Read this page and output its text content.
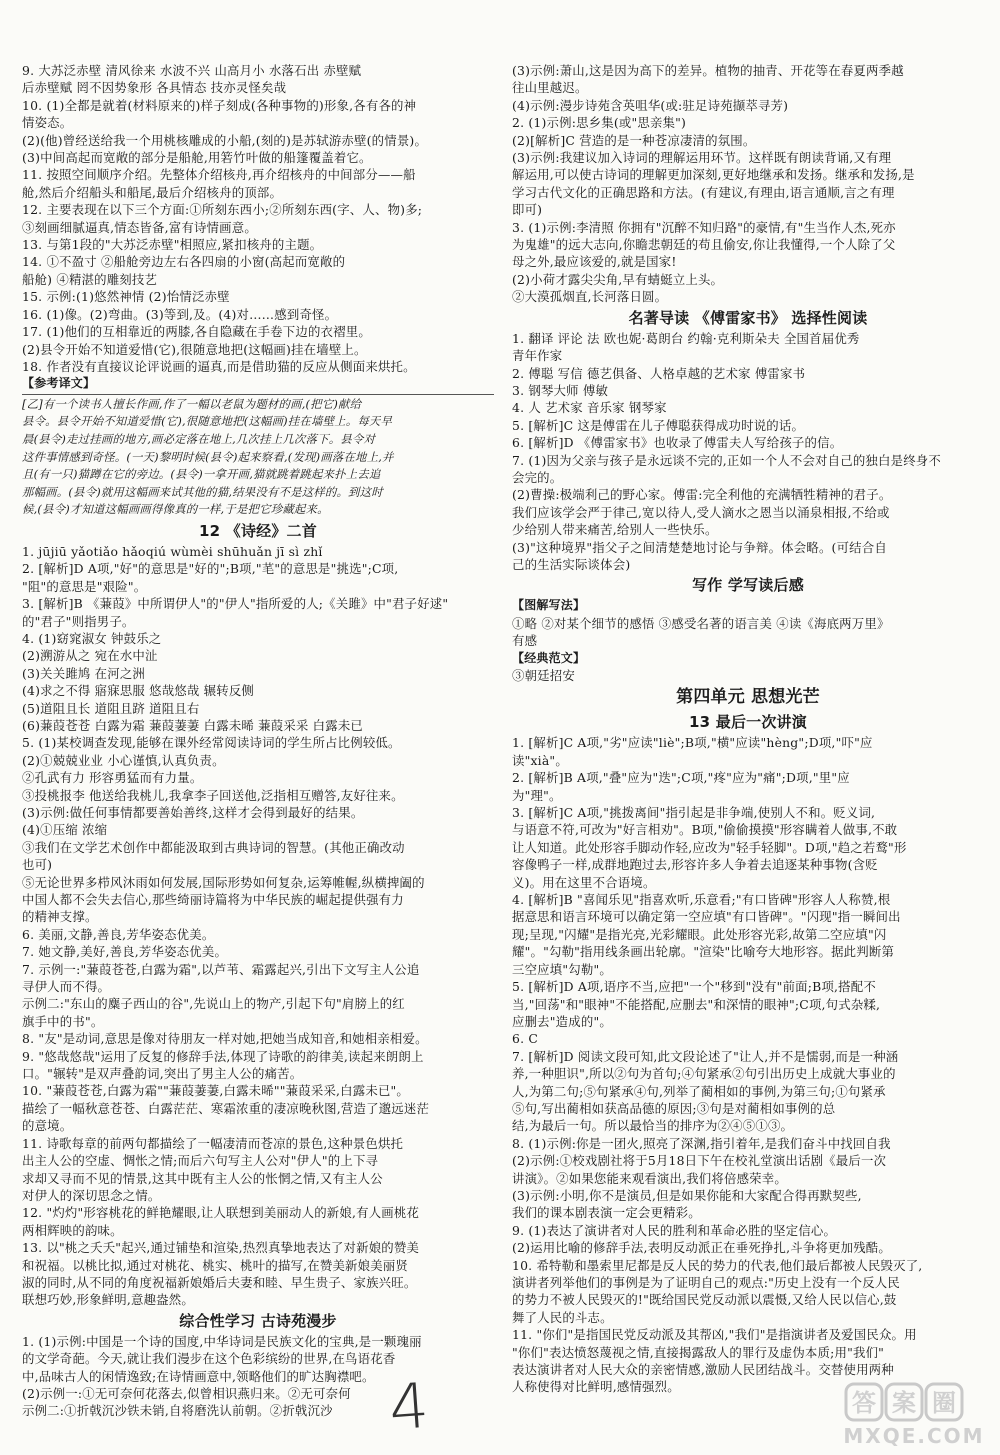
9. 大苏泛赤壁 清风徐来 水波不兴 山高月小 水落石出 赤壁赋
后赤壁赋 罔不因势象形 各具情态 技亦灵怪矣哉
10. (1)全都是就着(材料原来的)样子刻成(各种事物的)形象,各有各的神
情姿态。
(2)(他)曾经送给我一个用桃核雕成的小船,(刻的)是苏轼游赤壁(的情景)。
(3)中间高起而宽敞的部分是船舱,用箬竹叶做的船篷覆盖着它。
11. 按照空间顺序介绍。先整体介绍核舟,再介绍核舟的中间部分——船
舱,然后介绍船头和船尾,最后介绍核舟的顶部。
12. 主要表现在以下三个方面:①所刻东西小;②所刻东西(字、人、物)多;
③刻画细腻逼真,情态皆备,富有诗情画意。
13. 与第1段的"大苏泛赤壁"相照应,紧扣核舟的主题。
14. ①不盈寸 ②船舱旁边左右各四扇的小窗(高起而宽敞的
船舱) ④精湛的雕刻技艺
15. 示例:(1)悠然神情 (2)怡情泛赤壁
16. (1)像。(2)弯曲。(3)等到,及。(4)对……感到奇怪。
17. (1)他们的互相靠近的两膝,各自隐藏在手卷下边的衣褶里。
(2)县令开始不知道爱惜(它),很随意地把(这幅画)挂在墙壁上。
18. 作者没有直接议论评说画的逼真,而是借助猫的反应从侧面来烘托。
【参考译文】
[乙]有一个读书人擅长作画,作了一幅以老鼠为题材的画,(把它)献给
县令。县令开始不知道爱惜(它),很随意地把(这幅画)挂在墙壁上。每天早
晨(县令)走过挂画的地方,画必定落在地上,几次挂上几次落下。县令对
这件事情感到奇怪。(一天)黎明时候(县令)起来察看,(发现)画落在地上,并
且(有一只)猫蹲在它的旁边。(县令)一拿开画,猫就跳着跳起来扑上去追
那幅画。(县令)就用这幅画来试其他的猫,结果没有不是这样的。到这时
候,(县令)才知道这幅画画得像真的一样,于是把它珍藏起来。
12 《诗经》二首
1. jūjiū yǎotiǎo hǎoqiú wùmèi shūhuǎn jī sì zhǐ
2. [解析]D A项,"好"的意思是"好的";B项,"芼"的意思是"挑选";C项,
"阻"的意思是"艰险"。
3. [解析]B 《蒹葭》中所谓伊人"的"伊人"指所爱的人;《关雎》中"君子好逑"
的"君子"则指男子。
4. (1)窈窕淑女 钟鼓乐之
(2)溯游从之 宛在水中沚
(3)关关雎鸠 在河之洲
(4)求之不得 寤寐思服 悠哉悠哉 辗转反侧
(5)道阻且长 道阻且跻 道阻且右
(6)蒹葭苍苍 白露为霜 蒹葭萋萋 白露未晞 蒹葭采采 白露未已
5. (1)某校调查发现,能够在课外经常阅读诗词的学生所占比例较低。
(2)①兢兢业业 小心谨慎,认真负责。
②孔武有力 形容勇猛而有力量。
③投桃报李 他送给我桃儿,我拿李子回送他,泛指相互赠答,友好往来。
(3)示例:做任何事情都要善始善终,这样才会得到最好的结果。
(4)①压缩 浓缩
③我们在文学艺术创作中都能汲取到古典诗词的智慧。(其他正确改动
也可)
⑤无论世界多栉风沐雨如何发展,国际形势如何复杂,运筹帷幄,纵横捭阖的
中国人都不会失去信心,那些绮丽诗篇将为中华民族的崛起提供强有力
的精神支撑。
6. 美丽,文静,善良,芳华姿态优美。
7. 她文静,美好,善良,芳华姿态优美。
7. 示例一:"蒹葭苍苍,白露为霜",以芦苇、霜露起兴,引出下文写主人公追
寻伊人而不得。
示例二:"东山的麋子西山的谷",先说山上的物产,引起下句"肩膀上的红
旗手中的书"。
8. "友"是动词,意思是像对待朋友一样对她,把她当成知音,和她相亲相爱。
9. "悠哉悠哉"运用了反复的修辞手法,体现了诗歌的韵律美,读起来朗朗上
口。"辗转"是双声叠韵词,突出了男主人公的痛苦。
10. "蒹葭苍苍,白露为霜""蒹葭萋萋,白露未晞""蒹葭采采,白露未已"。
描绘了一幅秋意苍苍、白露茫茫、寒霜浓重的凄凉晚秋图,营造了邈远迷茫
的意境。
11. 诗歌每章的前两句都描绘了一幅凄清而苍凉的景色,这种景色烘托
出主人公的空虚、惆怅之情;而后六句写主人公对"伊人"的上下寻
求却又寻而不见的情景,这其中既有主人公的怅惘之情,又有主人公
对伊人的深切思念之情。
12. "灼灼"形容桃花的鲜艳耀眼,让人联想到美丽动人的新娘,有人画桃花
两相辉映的韵味。
13. 以"桃之夭夭"起兴,通过铺垫和渲染,热烈真挚地表达了对新娘的赞美
和祝福。以桃比拟,通过对桃花、桃实、桃叶的描写,在赞美新娘美丽贤
淑的同时,从不同的角度祝福新娘婚后夫妻和睦、早生贵子、家族兴旺。
联想巧妙,形象鲜明,意趣盎然。
综合性学习 古诗苑漫步
1. (1)示例:中国是一个诗的国度,中华诗词是民族文化的宝典,是一颗瑰丽
的文学奇葩。今天,就让我们漫步在这个色彩缤纷的世界,在鸟语花香
中,品味古人的闲情逸致;在诗情画意中,领略他们的旷达胸襟吧。
(2)示例一:①无可奈何花落去,似曾相识燕归来。②无可奈何
示例二:①折戟沉沙铁未销,自将磨洗认前朝。②折戟沉沙
(3)示例:萧山,这是因为高下的差异。植物的抽青、开花等在春夏两季越
往山里越迟。
(4)示例:漫步诗苑含英咀华(或:驻足诗苑撷萃寻芳)
2. (1)示例:思乡集(或"思亲集")
(2)[解析]C 营造的是一种苍凉凄清的氛围。
(3)示例:我建议加入诗词的理解运用环节。这样既有朗读背诵,又有理
解运用,可以使古诗词的理解更加深刻,更好地继承和发扬。继承和发扬,是
学习古代文化的正确思路和方法。(有建议,有理由,语言通顺,言之有理
即可)
3. (1)示例:李清照 你拥有"沉醉不知归路"的豪情,有"生当作人杰,死亦
为鬼雄"的远大志向,你瞻悲朝廷的苟且偷安,你让我懂得,一个人除了父
母之外,最应该爱的,就是国家!
(2)小荷才露尖尖角,早有蜻蜓立上头。
②大漠孤烟直,长河落日圆。
名著导读 《傅雷家书》 选择性阅读
1. 翻译 评论 法 欧也妮·葛朗台 约翰·克利斯朵夫 全国首届优秀
青年作家
2. 傅聪 写信 德艺俱备、人格卓越的艺术家 傅雷家书
3. 钢琴大师 傅敏
4. 人 艺术家 音乐家 钢琴家
5. [解析]C 这是傅雷在儿子傅聪获得成功时说的话。
6. [解析]D 《傅雷家书》也收录了傅雷夫人写给孩子的信。
7. (1)因为父亲与孩子是永远谈不完的,正如一个人不会对自己的独白是终身不
会完的。
(2)曹操:极端利己的野心家。傅雷:完全利他的充满牺牲精神的君子。
我们应该学会严于律己,宽以待人,受人滴水之恩当以涌泉相报,不给或
少给别人带来痛苦,给别人一些快乐。
(3)"这种境界"指父子之间清楚楚地讨论与争辩。体会略。(可结合自
己的生活实际谈体会)
写作 学写读后感
【图解写法】
①略 ②对某个细节的感悟 ③感受名著的语言美 ④读《海底两万里》
有感
【经典范文】
③朝廷招安
第四单元 思想光芒
13 最后一次讲演
1. [解析]C A项,"劣"应读"liè";B项,"横"应读"hèng";D项,"吓"应
读"xià"。
2. [解析]B A项,"叠"应为"迭";C项,"疼"应为"痛";D项,"里"应
为"理"。
3. [解析]C A项,"挑拨离间"指引起是非争端,使别人不和。贬义词,
与语意不符,可改为"好言相劝"。B项,"偷偷摸摸"形容瞒着人做事,不敢
让人知道。此处形容手脚动作轻,应改为"轻手轻脚"。D项,"趋之若鹜"形
容像鸭子一样,成群地跑过去,形容许多人争着去追逐某种事物(含贬
义)。用在这里不合语境。
4. [解析]B "喜闻乐见"指喜欢听,乐意看;"有口皆碑"形容人人称赞,根
据意思和语言环境可以确定第一空应填"有口皆碑"。"闪现"指一瞬间出
现;呈现,"闪耀"是指光亮,光彩耀眼。此处形容光彩,故第二空应填"闪
耀"。"勾勒"指用线条画出轮廓。"渲染"比喻夸大地形容。据此判断第
三空应填"勾勒"。
5. [解析]D A项,语序不当,应把"一个"移到"没有"前面;B项,搭配不
当,"回荡"和"眼神"不能搭配,应删去"和深情的眼神";C项,句式杂糅,
应删去"造成的"。
6. C
7. [解析]D 阅读文段可知,此文段论述了"让人,并不是懦弱,而是一种涵
养,一种胆识",所以②句为首句;④句紧承②句引出历史上成就大事业的
人,为第二句;⑤句紧承④句,列举了蔺相如的事例,为第三句;①句紧承
⑤句,写出蔺相如获高品德的原因;③句是对蔺相如事例的总
结,为最后一句。所以最恰当的排序为②④⑤①③。
8. (1)示例:你是一团火,照亮了深渊,指引着年,是我们奋斗中找回自我
(2)示例:①校戏剧社将于5月18日下午在校礼堂演出话剧《最后一次
讲演》。②如果您能来观看演出,我们将倍感荣幸。
(3)示例:小明,你不是演员,但是如果你能和大家配合得再默契些,
我们的课本剧表演一定会更精彩。
9. (1)表达了演讲者对人民的胜利和革命必胜的坚定信心。
(2)运用比喻的修辞手法,表明反动派正在垂死挣扎,斗争将更加残酷。
10. 希特勒和墨索里尼都是反人民的势力的代表,他们最后都被人民毁灭了,
演讲者列举他们的事例是为了证明自己的观点:"历史上没有一个反人民
的势力不被人民毁灭的!"既给国民党反动派以震慑,又给人民以信心,鼓
舞了人民的斗志。
11. "你们"是指国民党反动派及其帮凶,"我们"是指演讲者及爱国民众。用
"你们"表达愤怒蔑视之情,直接揭露敌人的罪行及虚伪本质;用"我们"
表达演讲者对人民大众的亲密情感,激励人民团结战斗。交替使用两种
人称使得对比鲜明,感情强烈。
4	答 案 圈
MXQE.COM
